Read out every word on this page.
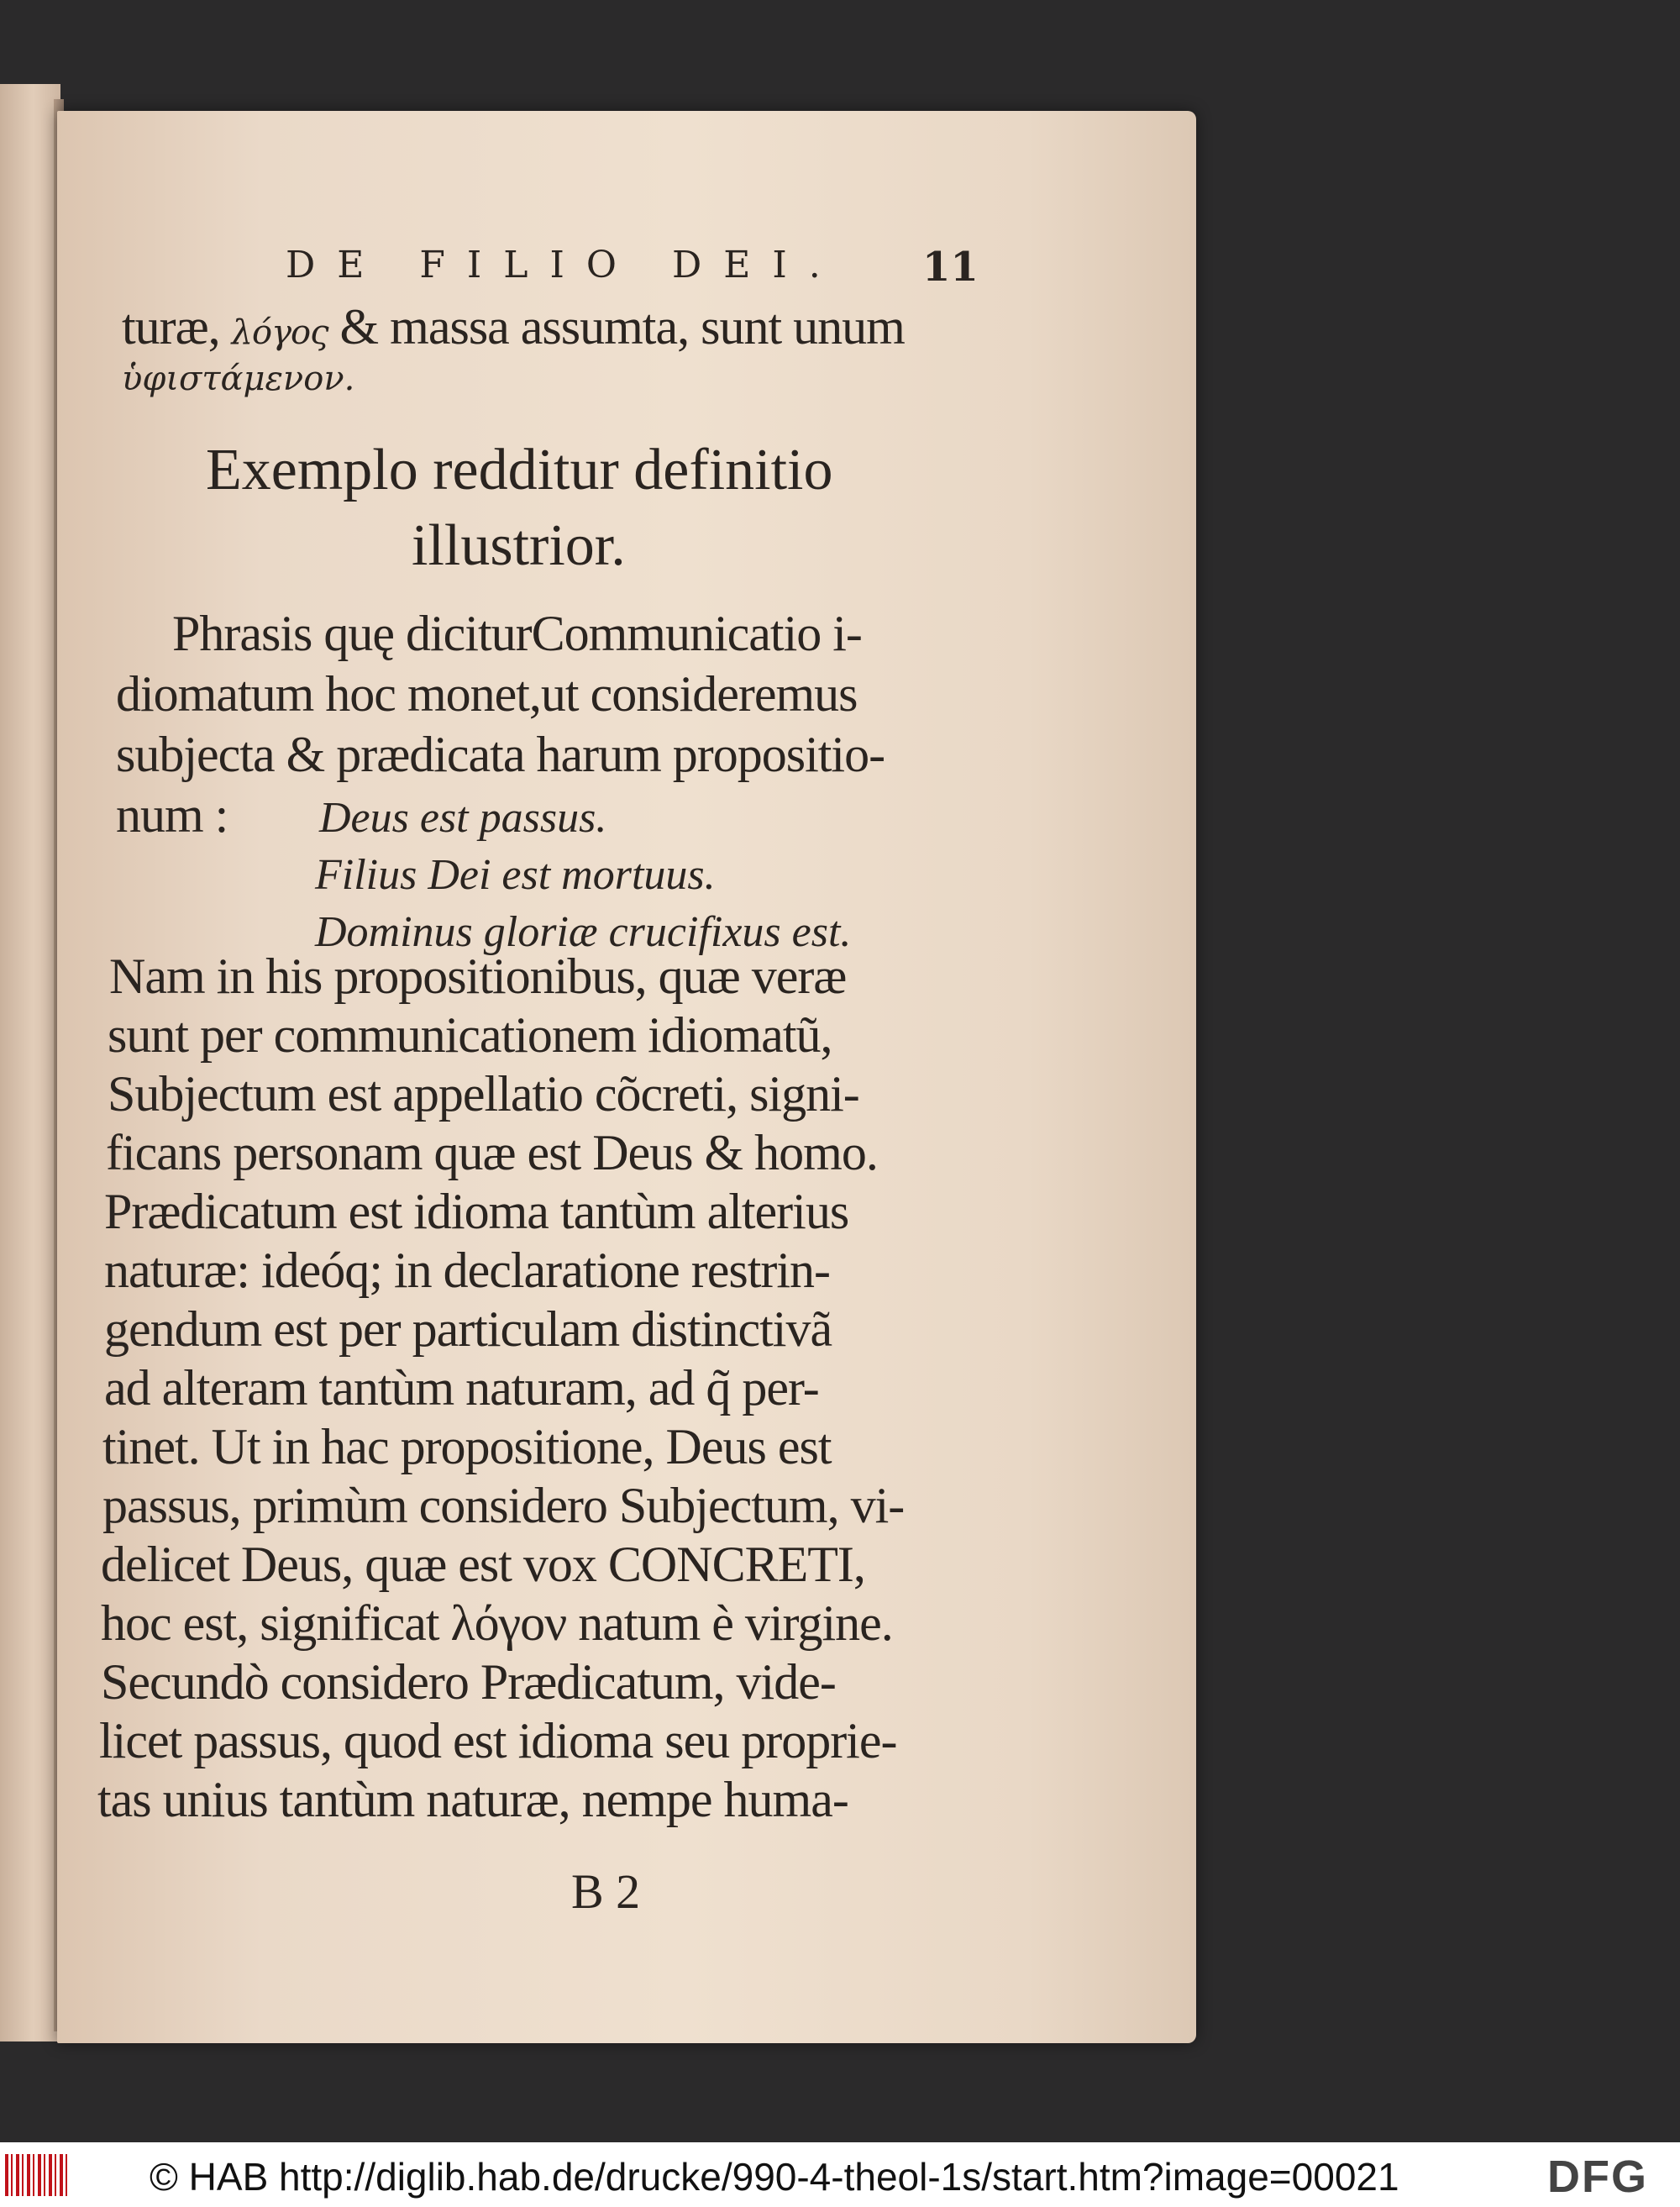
DE FILIO DEI. 11
turæ, λόγος & massa assumta, sunt unum
ὑφιστάμενον.
Exemplo redditur definitio
illustrior.
Phrasis quę diciturCommunicatio i-
diomatum hoc monet,ut consideremus
subjecta & prædicata harum propositio-
num : Deus est passus.
Filius Dei est mortuus.
Dominus gloriæ crucifixus est.
Nam in his propositionibus, quæ veræ
sunt per communicationem idiomatũ,
Subjectum est appellatio cõcreti, signi-
ficans personam quæ est Deus & homo.
Prædicatum est idioma tantùm alterius
naturæ: ideóq; in declaratione restrin-
gendum est per particulam distinctivã
ad alteram tantùm naturam, ad q̃ per-
tinet. Ut in hac propositione, Deus est
passus, primùm considero Subjectum, vi-
delicet Deus, quæ est vox CONCRETI,
hoc est, significat λόγον natum è virgine.
Secundò considero Prædicatum, vide-
licet passus, quod est idioma seu proprie-
tas unius tantùm naturæ, nempe huma-
B 2
© HAB http://diglib.hab.de/drucke/990-4-theol-1s/start.htm?image=00021	DFG
